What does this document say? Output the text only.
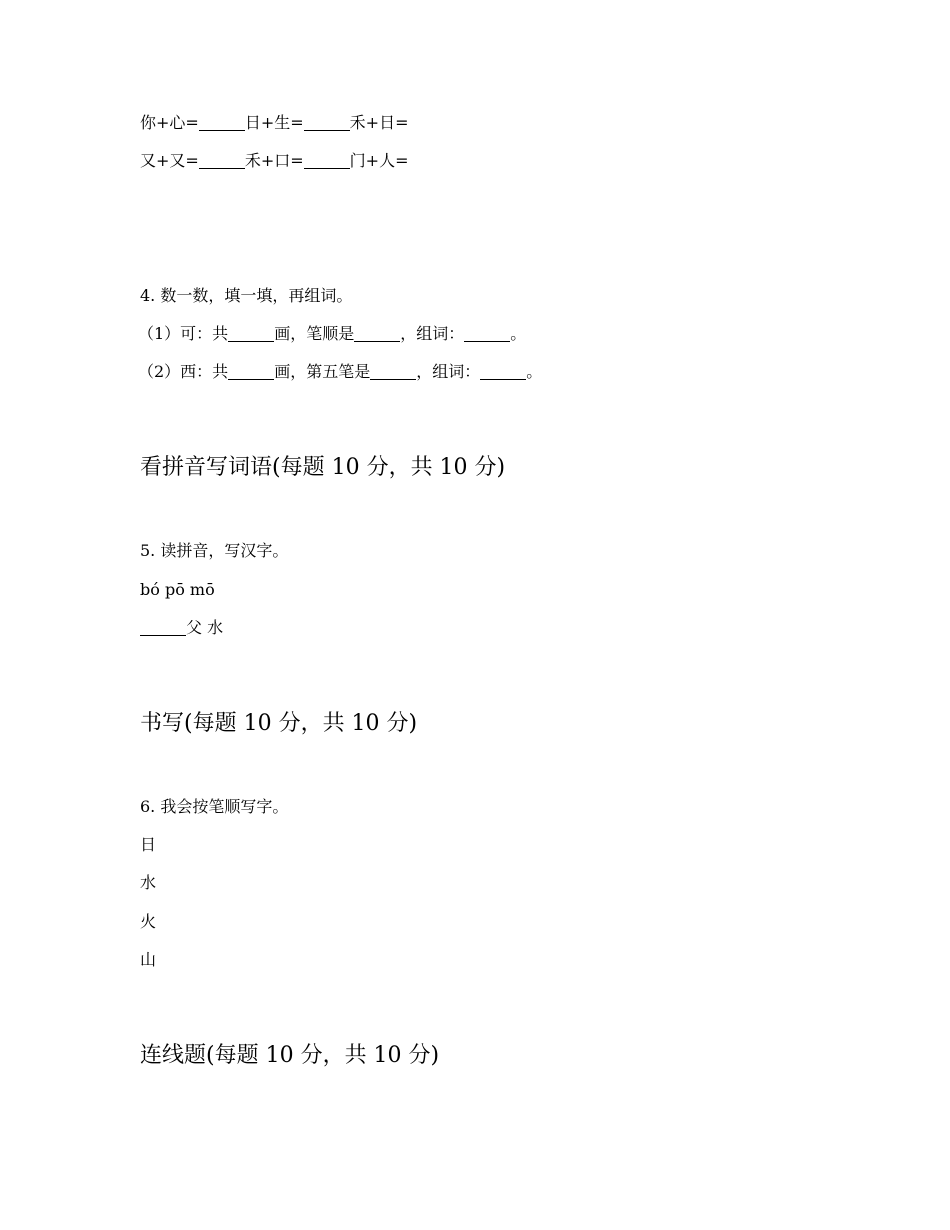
你+心=	日+生=	禾+日=

又+又=	禾+口=	门+人=

4. 数一数，填一填，再组词。

（1）可：共	画，笔顺是	，组词：	。

（2）西：共	画，第五笔是	，组词：	。

看拼音写词语(每题 10 分，共 10 分)

5. 读拼音，写汉字。

bó pō mō

父 水

书写(每题 10 分，共 10 分)

6. 我会按笔顺写字。

日

水

火

山

连线题(每题 10 分，共 10 分)
